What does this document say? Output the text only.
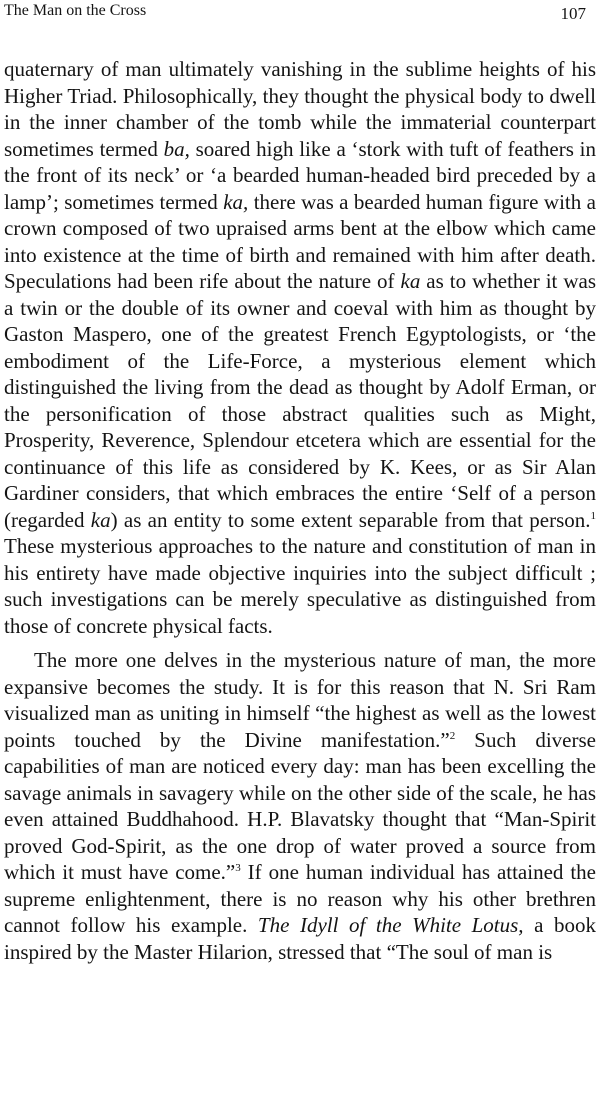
The Man on the Cross	107

quaternary of man ultimately vanishing in the sublime heights of his Higher Triad. Philosophically, they thought the physical body to dwell in the inner chamber of the tomb while the immaterial counterpart sometimes termed ba, soared high like a ‘stork with tuft of feathers in the front of its neck’ or ‘a bearded human-headed bird preceded by a lamp’; sometimes termed ka, there was a bearded human figure with a crown composed of two upraised arms bent at the elbow which came into existence at the time of birth and remained with him after death. Speculations had been rife about the nature of ka as to whether it was a twin or the double of its owner and coeval with him as thought by Gaston Maspero, one of the greatest French Egyptologists, or ‘the embodiment of the Life-Force, a mysterious element which distinguished the living from the dead as thought by Adolf Erman, or the personification of those abstract qualities such as Might, Prosperity, Reverence, Splendour etcetera which are essential for the continuance of this life as considered by K. Kees, or as Sir Alan Gardiner considers, that which embraces the entire ‘Self of a person (regarded ka) as an entity to some extent separable from that person.$^1$ These mysterious approaches to the nature and constitution of man in his entirety have made objective inquiries into the subject difficult ; such investigations can be merely speculative as distinguished from those of concrete physical facts.

The more one delves in the mysterious nature of man, the more expansive becomes the study. It is for this reason that N. Sri Ram visualized man as uniting in himself “the highest as well as the lowest points touched by the Divine manifestation.”$^2$ Such diverse capabilities of man are noticed every day: man has been excelling the savage animals in savagery while on the other side of the scale, he has even attained Buddhahood. H.P. Blavatsky thought that “Man-Spirit proved God-Spirit, as the one drop of water proved a source from which it must have come.”$^3$ If one human individual has attained the supreme enlightenment, there is no reason why his other brethren cannot follow his example. The Idyll of the White Lotus, a book inspired by the Master Hilarion, stressed that “The soul of man is
